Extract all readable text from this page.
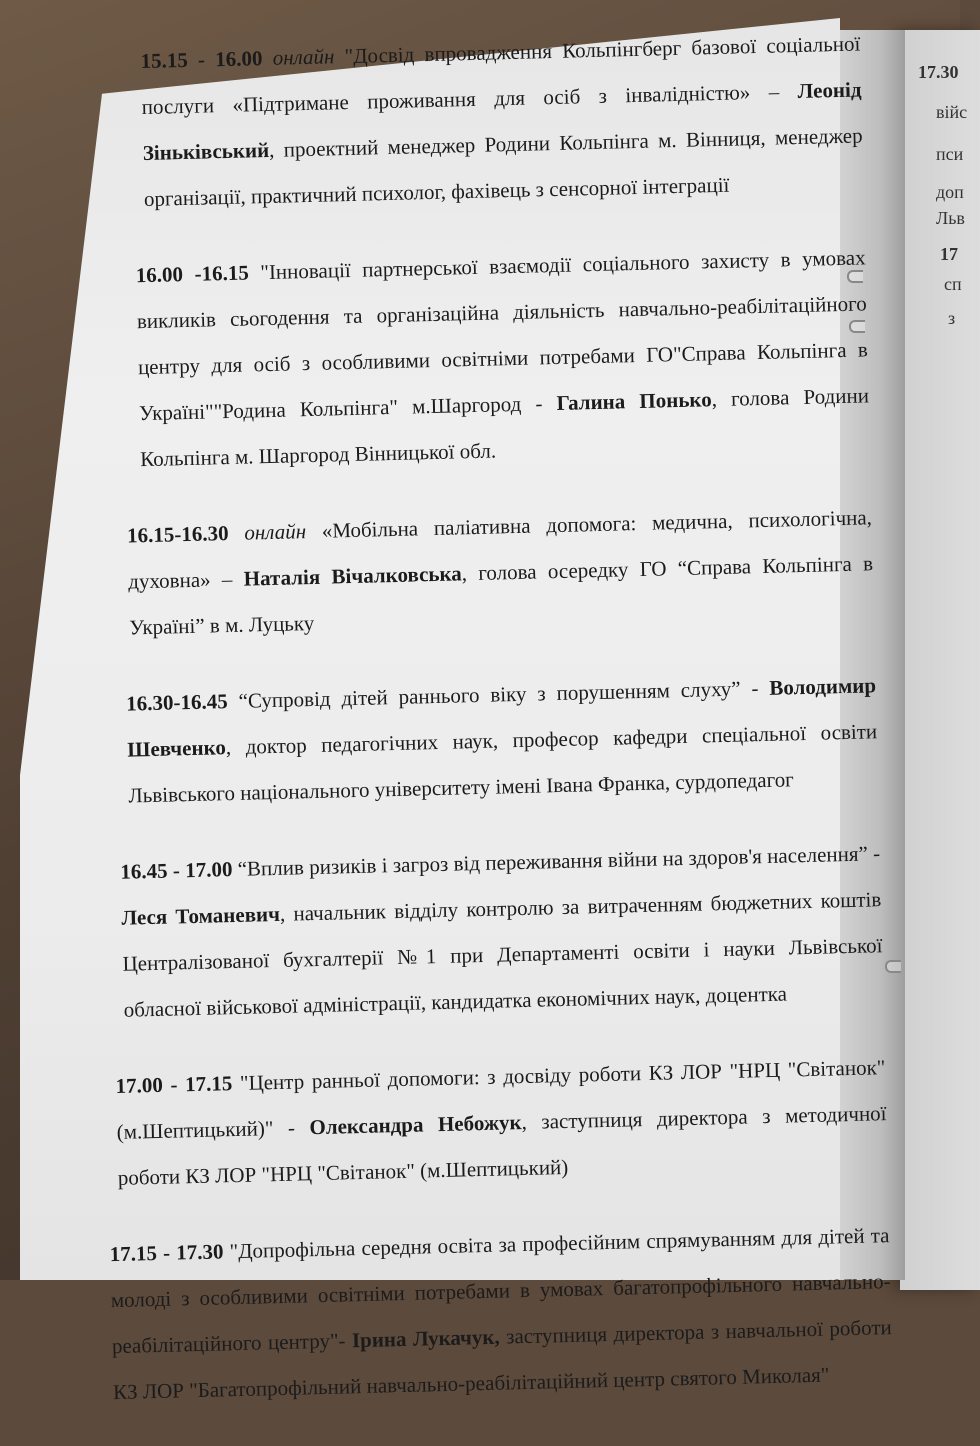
17.30
війс
пси
доп
Льв
17
сп
з

15.15 - 16.00 онлайн "Досвід впровадження Кольпінгберг базової соціальної послуги «Підтримане проживання для осіб з інвалідністю» – Леонід Зіньківський, проектний менеджер Родини Кольпінга м. Вінниця, менеджер організації, практичний психолог, фахівець з сенсорної інтеграції

16.00 -16.15 "Інновації партнерської взаємодії соціального захисту в умовах викликів сьогодення та організаційна діяльність навчально-реабілітаційного центру для осіб з особливими освітніми потребами ГО"Справа Кольпінга в Україні""Родина Кольпінга" м.Шаргород - Галина Понько, голова Родини Кольпінга м. Шаргород Вінницької обл.

16.15-16.30 онлайн «Мобільна паліативна допомога: медична, психологічна, духовна» – Наталія Вічалковська, голова осередку ГО “Справа Кольпінга в Україні” в м. Луцьку

16.30-16.45 “Супровід дітей раннього віку з порушенням слуху” - Володимир Шевченко, доктор педагогічних наук, професор кафедри спеціальної освіти Львівського національного університету імені Івана Франка, сурдопедагог

16.45 - 17.00 “Вплив ризиків і загроз від переживання війни на здоров'я населення” - Леся Томаневич, начальник відділу контролю за витраченням бюджетних коштів Централізованої бухгалтерії №1 при Департаменті освіти і науки Львівської обласної військової адміністрації, кандидатка економічних наук, доцентка

17.00 - 17.15 "Центр ранньої допомоги: з досвіду роботи КЗ ЛОР "НРЦ "Світанок" (м.Шептицький)" - Олександра Небожук, заступниця директора з методичної роботи КЗ ЛОР "НРЦ "Світанок" (м.Шептицький)

17.15 - 17.30 "Допрофільна середня освіта за професійним спрямуванням для дітей та молоді з особливими освітніми потребами в умовах багатопрофільного навчально-реабілітаційного центру"- Ірина Лукачук, заступниця директора з навчальної роботи КЗ ЛОР "Багатопрофільний навчально-реабілітаційний центр святого Миколая"
